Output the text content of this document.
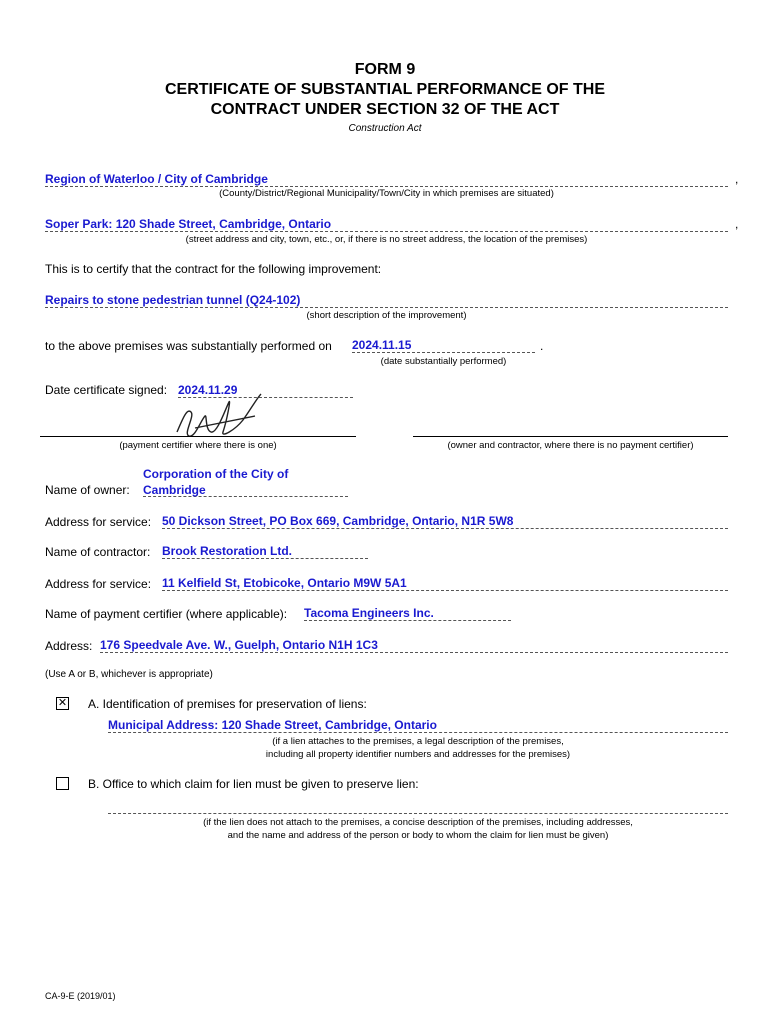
FORM 9
CERTIFICATE OF SUBSTANTIAL PERFORMANCE OF THE
CONTRACT UNDER SECTION 32 OF THE ACT
Construction Act
Region of Waterloo / City of Cambridge	,
(County/District/Regional Municipality/Town/City in which premises are situated)
Soper Park: 120 Shade Street, Cambridge, Ontario	,
(street address and city, town, etc., or, if there is no street address, the location of the premises)
This is to certify that the contract for the following improvement:
Repairs to stone pedestrian tunnel (Q24-102)
(short description of the improvement)
to the above premises was substantially performed on 2024.11.15	.
(date substantially performed)
Date certificate signed: 2024.11.29
(payment certifier where there is one)	(owner and contractor, where there is no payment certifier)
Name of owner:
Corporation of the City of
Cambridge
Address for service: 50 Dickson Street, PO Box 669, Cambridge, Ontario, N1R 5W8
Name of contractor: Brook Restoration Ltd.
Address for service: 11 Kelfield St, Etobicoke, Ontario M9W 5A1
Name of payment certifier (where applicable): Tacoma Engineers Inc.
Address: 176 Speedvale Ave. W., Guelph, Ontario N1H 1C3
(Use A or B, whichever is appropriate)
✕ A. Identification of premises for preservation of liens:
Municipal Address: 120 Shade Street, Cambridge, Ontario
(if a lien attaches to the premises, a legal description of the premises,
including all property identifier numbers and addresses for the premises)
B. Office to which claim for lien must be given to preserve lien:
(if the lien does not attach to the premises, a concise description of the premises, including addresses,
and the name and address of the person or body to whom the claim for lien must be given)
CA-9-E (2019/01)
